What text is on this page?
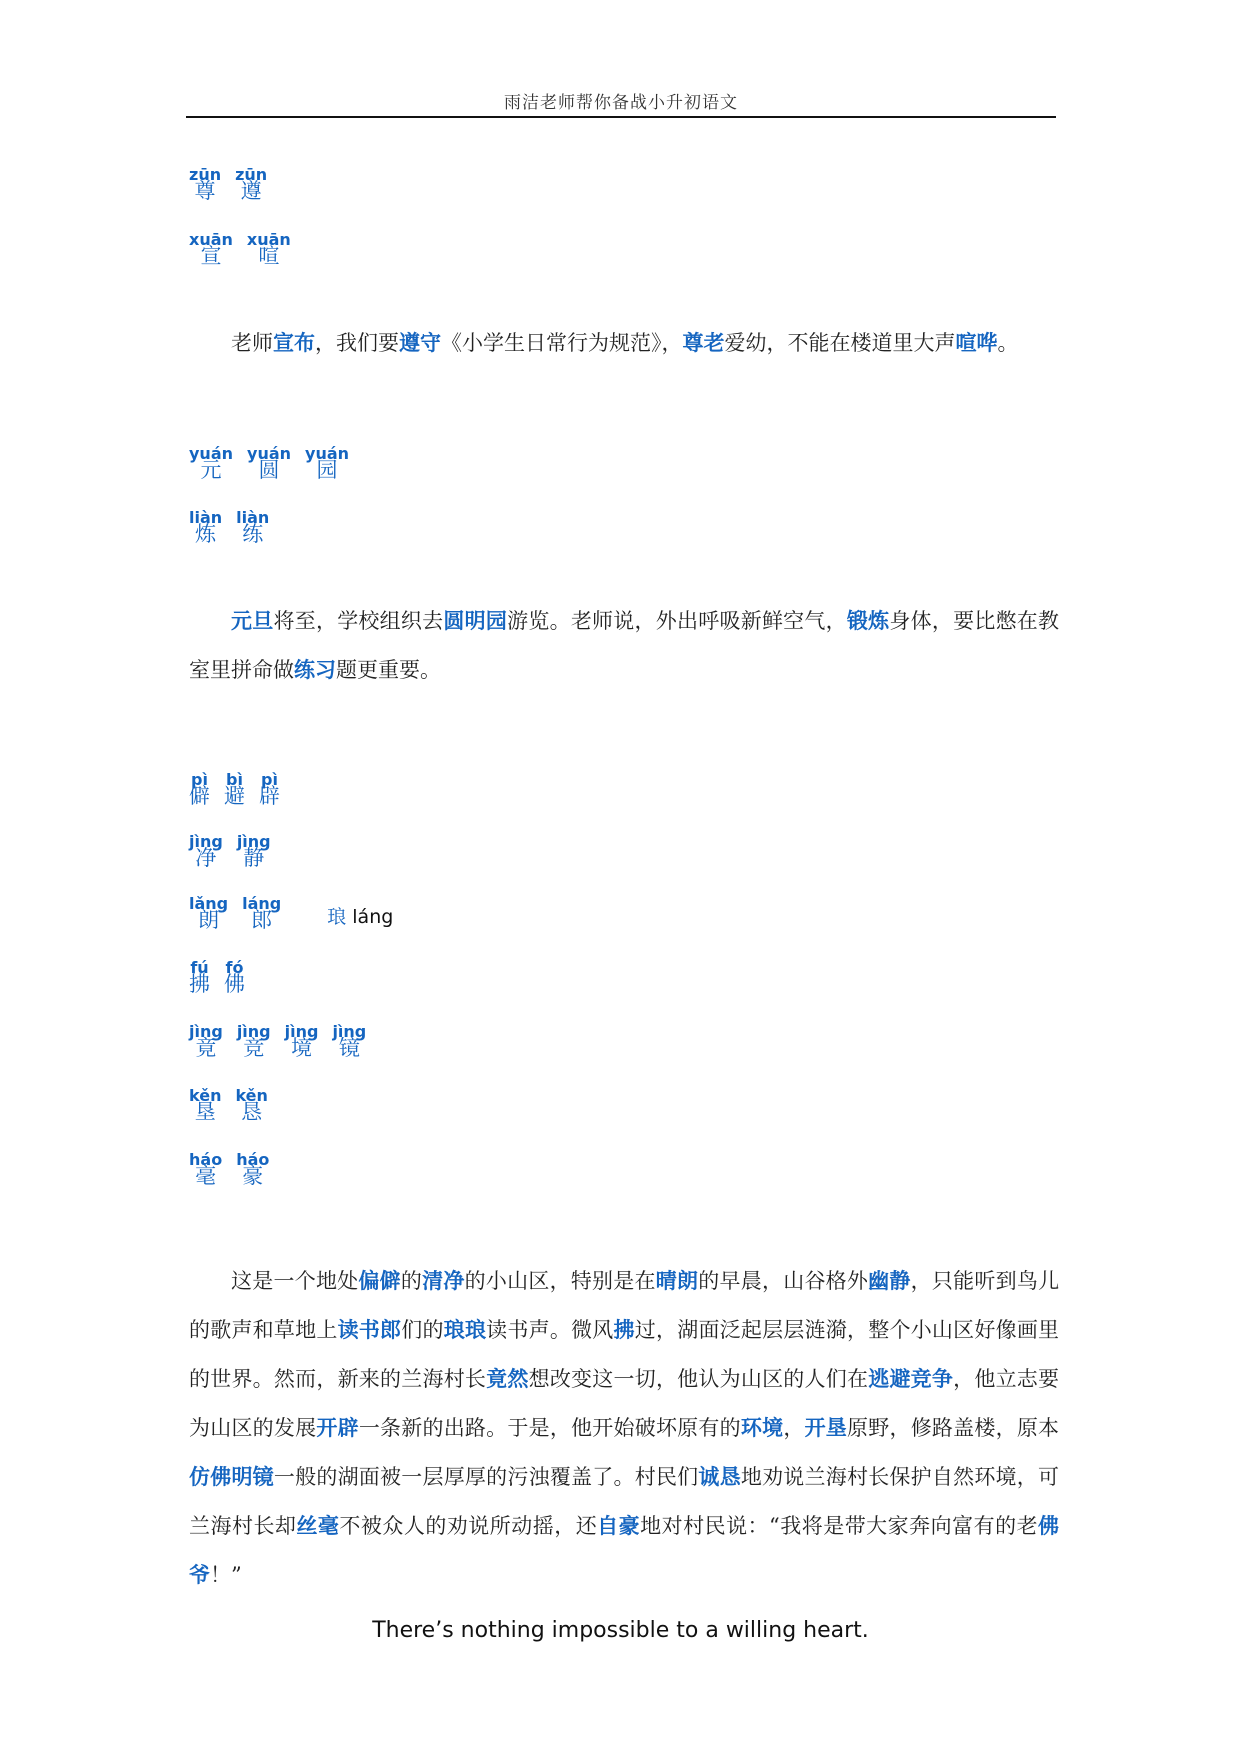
雨洁老师帮你备战小升初语文
zūn
尊
zūn
遵
xuān
宣
xuān
喧

老师宣布，我们要遵守《小学生日常行为规范》，尊老爱幼，不能在楼道里大声喧哗。

yuán
元
yuán
圆
yuán
园
liàn
炼
liàn
练

元旦将至，学校组织去圆明园游览。老师说，外出呼吸新鲜空气，锻炼身体，要比憋在教室里拼命做练习题更重要。

pì
僻
bì
避
pì
辟
jìng
净
jìng
静
lǎng
朗
láng
郎	琅 láng
fú
拂
fó
佛
jìng
竟
jìng
竞
jìng
境
jìng
镜
kěn
垦
kěn
恳
háo
毫
háo
豪

这是一个地处偏僻的清净的小山区，特别是在晴朗的早晨，山谷格外幽静，只能听到鸟儿的歌声和草地上读书郎们的琅琅读书声。微风拂过，湖面泛起层层涟漪，整个小山区好像画里的世界。然而，新来的兰海村长竟然想改变这一切，他认为山区的人们在逃避竞争，他立志要为山区的发展开辟一条新的出路。于是，他开始破坏原有的环境，开垦原野，修路盖楼，原本仿佛明镜一般的湖面被一层厚厚的污浊覆盖了。村民们诚恳地劝说兰海村长保护自然环境，可兰海村长却丝毫不被众人的劝说所动摇，还自豪地对村民说：“我将是带大家奔向富有的老佛爷！”

There’s nothing impossible to a willing heart.
